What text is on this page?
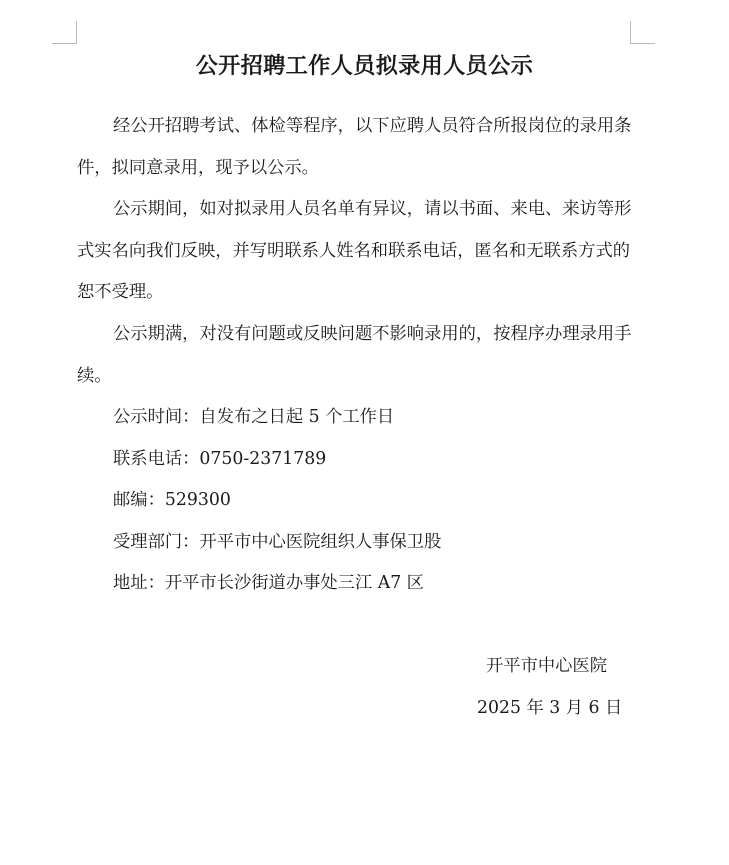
公开招聘工作人员拟录用人员公示

经公开招聘考试、体检等程序，以下应聘人员符合所报岗位的录用条件，拟同意录用，现予以公示。

公示期间，如对拟录用人员名单有异议，请以书面、来电、来访等形式实名向我们反映，并写明联系人姓名和联系电话，匿名和无联系方式的恕不受理。

公示期满，对没有问题或反映问题不影响录用的，按程序办理录用手续。

公示时间：自发布之日起 5 个工作日
联系电话：0750-2371789
邮编：529300
受理部门：开平市中心医院组织人事保卫股
地址：开平市长沙街道办事处三江 A7 区
开平市中心医院
2025 年 3 月 6 日
